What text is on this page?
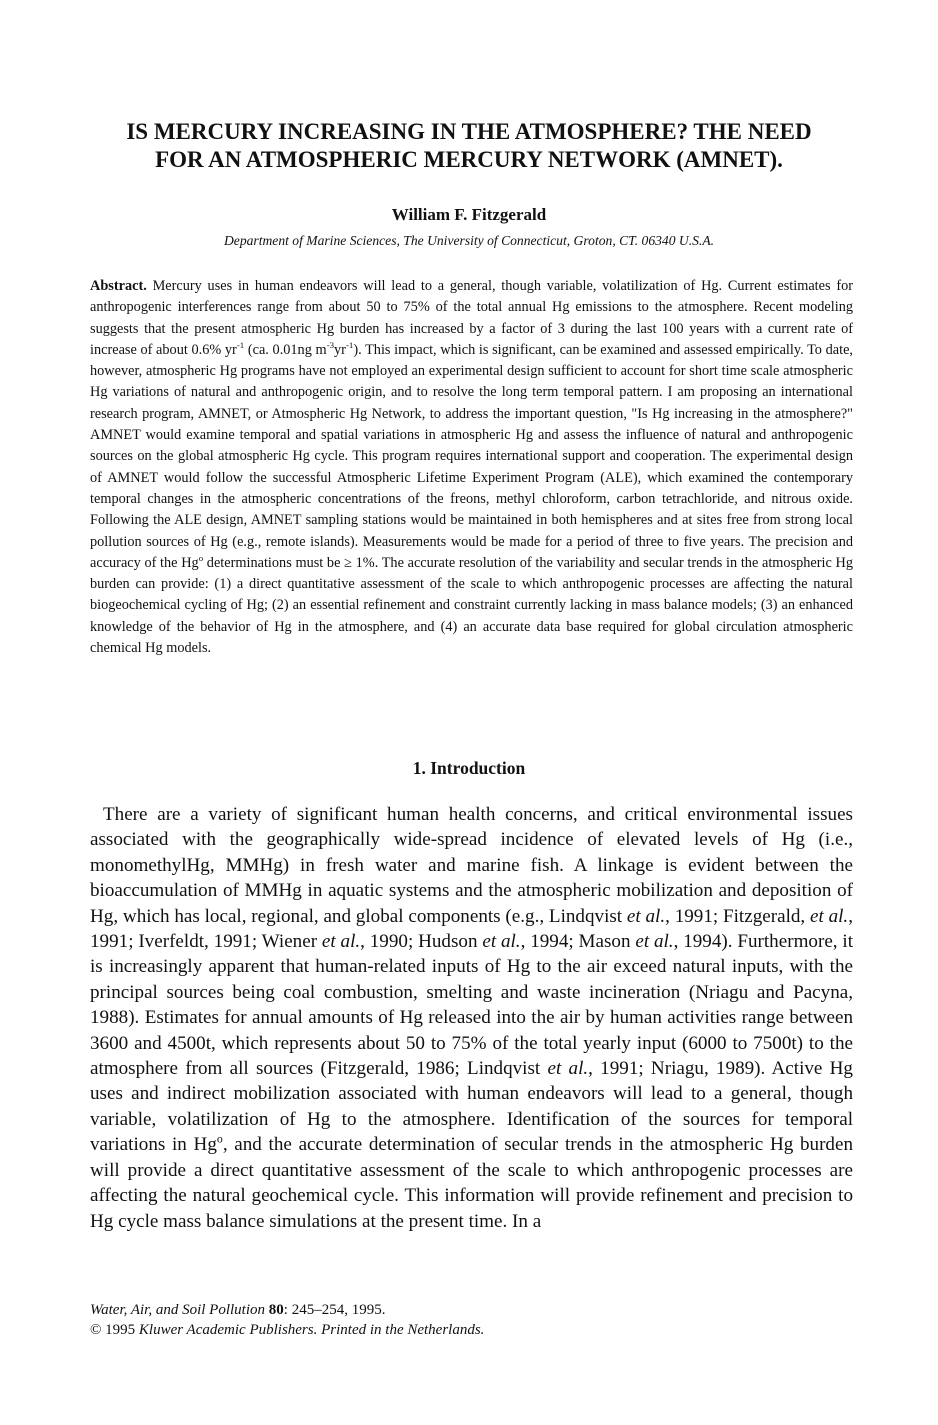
IS MERCURY INCREASING IN THE ATMOSPHERE? THE NEED
FOR AN ATMOSPHERIC MERCURY NETWORK (AMNET).

William F. Fitzgerald

Department of Marine Sciences, The University of Connecticut, Groton, CT. 06340 U.S.A.

Abstract. Mercury uses in human endeavors will lead to a general, though variable, volatilization of Hg. Current estimates for anthropogenic interferences range from about 50 to 75% of the total annual Hg emissions to the atmosphere. Recent modeling suggests that the present atmospheric Hg burden has increased by a factor of 3 during the last 100 years with a current rate of increase of about 0.6% $yr^{-1}$ (ca. 0.01ng $m^{-3}yr^{-1}$). This impact, which is significant, can be examined and assessed empirically. To date, however, atmospheric Hg programs have not employed an experimental design sufficient to account for short time scale atmospheric Hg variations of natural and anthropogenic origin, and to resolve the long term temporal pattern. I am proposing an international research program, AMNET, or Atmospheric Hg Network, to address the important question, "Is Hg increasing in the atmosphere?" AMNET would examine temporal and spatial variations in atmospheric Hg and assess the influence of natural and anthropogenic sources on the global atmospheric Hg cycle. This program requires international support and cooperation. The experimental design of AMNET would follow the successful Atmospheric Lifetime Experiment Program (ALE), which examined the contemporary temporal changes in the atmospheric concentrations of the freons, methyl chloroform, carbon tetrachloride, and nitrous oxide. Following the ALE design, AMNET sampling stations would be maintained in both hemispheres and at sites free from strong local pollution sources of Hg (e.g., remote islands). Measurements would be made for a period of three to five years. The precision and accuracy of the Hg$^o$ determinations must be ≥ 1%. The accurate resolution of the variability and secular trends in the atmospheric Hg burden can provide: (1) a direct quantitative assessment of the scale to which anthropogenic processes are affecting the natural biogeochemical cycling of Hg; (2) an essential refinement and constraint currently lacking in mass balance models; (3) an enhanced knowledge of the behavior of Hg in the atmosphere, and (4) an accurate data base required for global circulation atmospheric chemical Hg models.

1. Introduction

There are a variety of significant human health concerns, and critical environmental issues associated with the geographically wide-spread incidence of elevated levels of Hg (i.e., monomethylHg, MMHg) in fresh water and marine fish. A linkage is evident between the bioaccumulation of MMHg in aquatic systems and the atmospheric mobilization and deposition of Hg, which has local, regional, and global components (e.g., Lindqvist et al., 1991; Fitzgerald, et al., 1991; Iverfeldt, 1991; Wiener et al., 1990; Hudson et al., 1994; Mason et al., 1994). Furthermore, it is increasingly apparent that human-related inputs of Hg to the air exceed natural inputs, with the principal sources being coal combustion, smelting and waste incineration (Nriagu and Pacyna, 1988). Estimates for annual amounts of Hg released into the air by human activities range between 3600 and 4500t, which represents about 50 to 75% of the total yearly input (6000 to 7500t) to the atmosphere from all sources (Fitzgerald, 1986; Lindqvist et al., 1991; Nriagu, 1989). Active Hg uses and indirect mobilization associated with human endeavors will lead to a general, though variable, volatilization of Hg to the atmosphere. Identification of the sources for temporal variations in Hg$^o$, and the accurate determination of secular trends in the atmospheric Hg burden will provide a direct quantitative assessment of the scale to which anthropogenic processes are affecting the natural geochemical cycle. This information will provide refinement and precision to Hg cycle mass balance simulations at the present time. In a

Water, Air, and Soil Pollution 80: 245–254, 1995.
© 1995 Kluwer Academic Publishers. Printed in the Netherlands.
